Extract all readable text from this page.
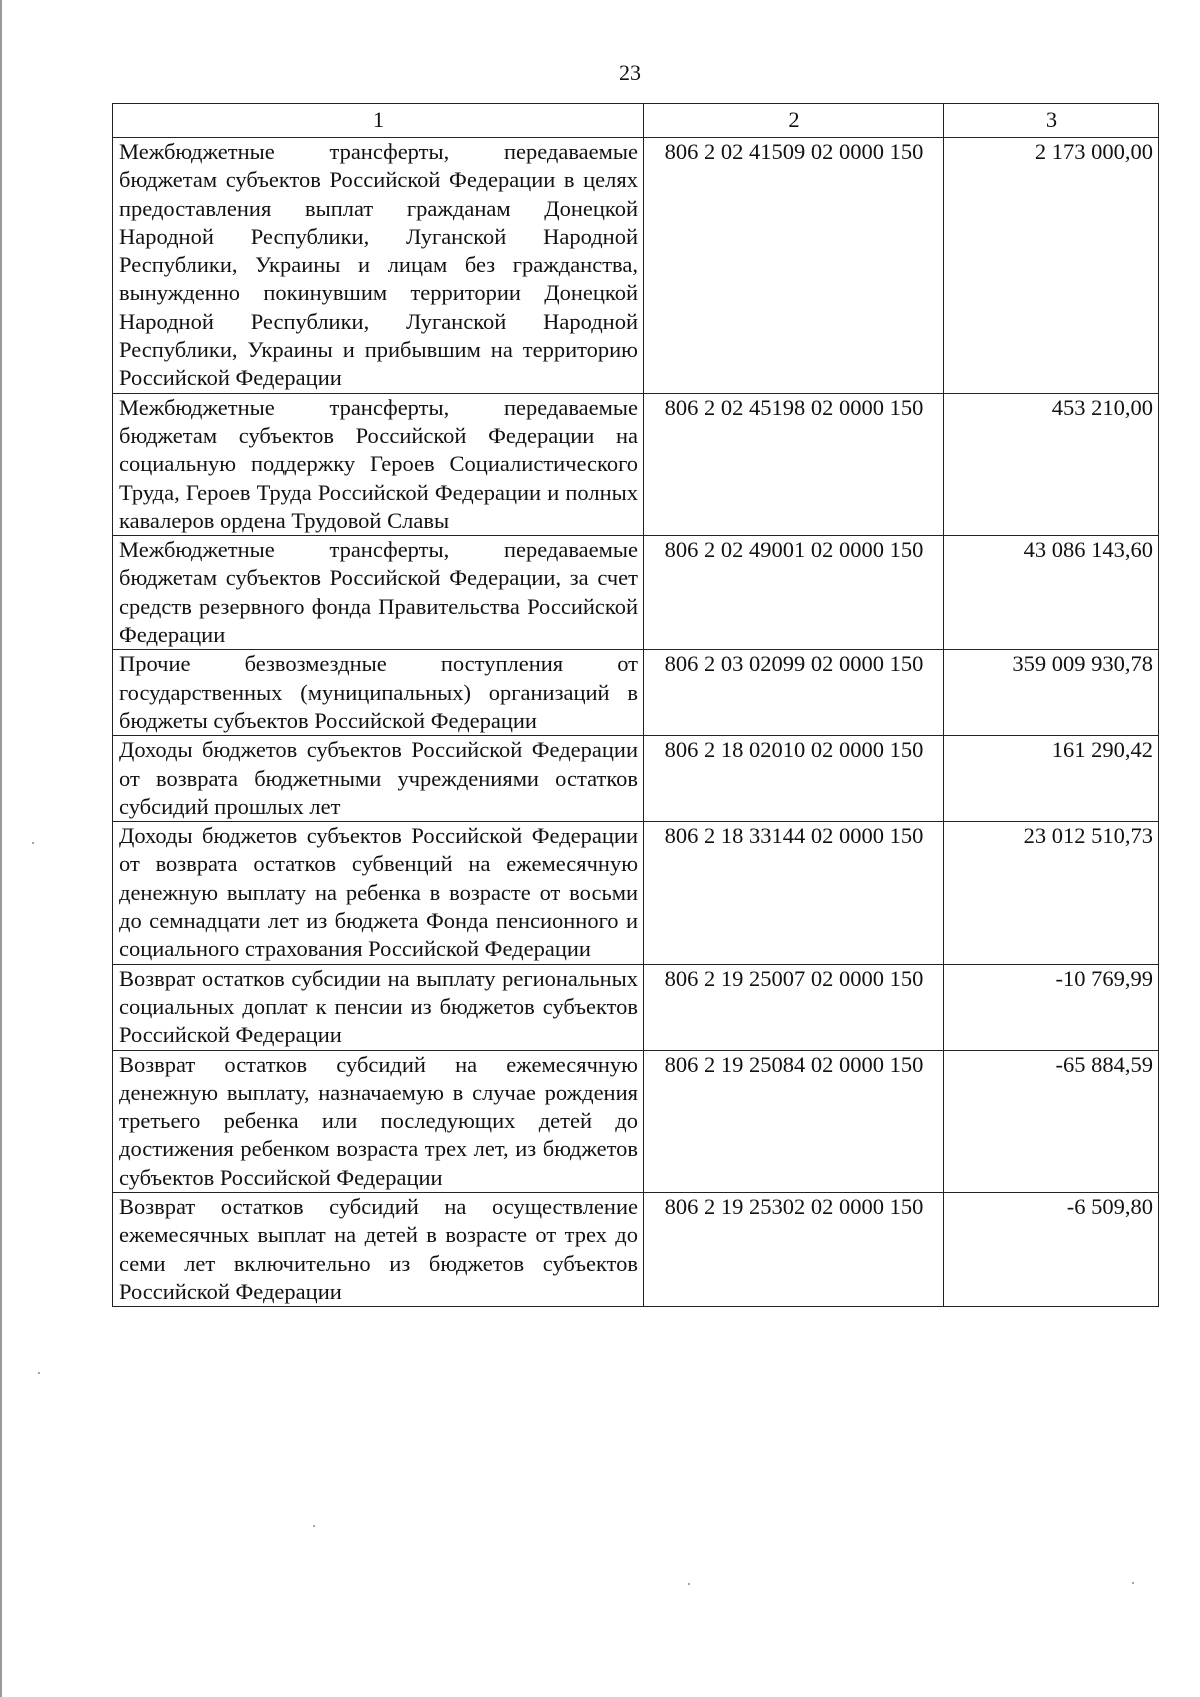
23
1	2	3
Межбюджетные трансферты, передаваемые бюджетам субъектов Российской Федерации в целях предоставления выплат гражданам Донецкой Народной Республики, Луганской Народной Республики, Украины и лицам без гражданства, вынужденно покинувшим территории Донецкой Народной Республики, Луганской Народной Республики, Украины и прибывшим на территорию Российской Федерации	806 2 02 41509 02 0000 150	2 173 000,00
Межбюджетные трансферты, передаваемые бюджетам субъектов Российской Федерации на социальную поддержку Героев Социалистического Труда, Героев Труда Российской Федерации и полных кавалеров ордена Трудовой Славы	806 2 02 45198 02 0000 150	453 210,00
Межбюджетные трансферты, передаваемые бюджетам субъектов Российской Федерации, за счет средств резервного фонда Правительства Российской Федерации	806 2 02 49001 02 0000 150	43 086 143,60
Прочие безвозмездные поступления от государственных (муниципальных) организаций в бюджеты субъектов Российской Федерации	806 2 03 02099 02 0000 150	359 009 930,78
Доходы бюджетов субъектов Российской Федерации от возврата бюджетными учреждениями остатков субсидий прошлых лет	806 2 18 02010 02 0000 150	161 290,42
Доходы бюджетов субъектов Российской Федерации от возврата остатков субвенций на ежемесячную денежную выплату на ребенка в возрасте от восьми до семнадцати лет из бюджета Фонда пенсионного и социального страхования Российской Федерации	806 2 18 33144 02 0000 150	23 012 510,73
Возврат остатков субсидии на выплату региональных социальных доплат к пенсии из бюджетов субъектов Российской Федерации	806 2 19 25007 02 0000 150	-10 769,99
Возврат остатков субсидий на ежемесячную денежную выплату, назначаемую в случае рождения третьего ребенка или последующих детей до достижения ребенком возраста трех лет, из бюджетов субъектов Российской Федерации	806 2 19 25084 02 0000 150	-65 884,59
Возврат остатков субсидий на осуществление ежемесячных выплат на детей в возрасте от трех до семи лет включительно из бюджетов субъектов Российской Федерации	806 2 19 25302 02 0000 150	-6 509,80
